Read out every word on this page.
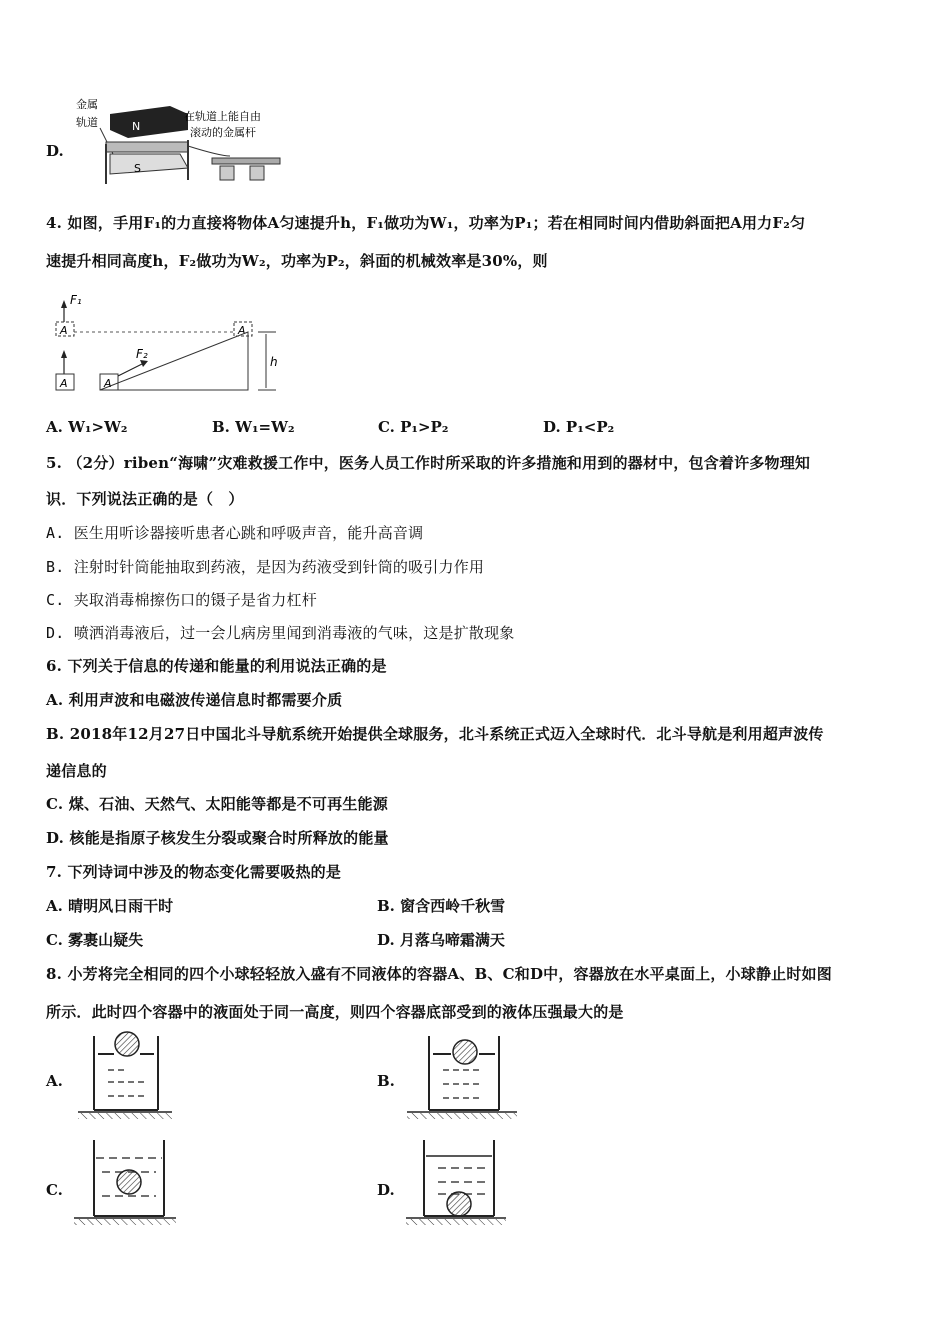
D.
金属
轨道	N
S
在轨道上能自由
滚动的金属杆
4. 如图，手用F₁的力直接将物体A匀速提升h，F₁做功为W₁，功率为P₁；若在相同时间内借助斜面把A用力F₂匀
速提升相同高度h，F₂做功为W₂，功率为P₂，斜面的机械效率是30%，则
F₁
A	A
A	A
F₂
h
A. W₁>W₂	B. W₁=W₂	C. P₁>P₂	D. P₁<P₂
5. （2分）riben“海啸”灾难救援工作中，医务人员工作时所采取的许多措施和用到的器材中，包含着许多物理知
识．下列说法正确的是（　）
A. 医生用听诊器接听患者心跳和呼吸声音，能升高音调
B. 注射时针筒能抽取到药液，是因为药液受到针筒的吸引力作用
C. 夹取消毒棉擦伤口的镊子是省力杠杆
D. 喷洒消毒液后，过一会儿病房里闻到消毒液的气味，这是扩散现象
6. 下列关于信息的传递和能量的利用说法正确的是
A. 利用声波和电磁波传递信息时都需要介质
B. 2018年12月27日中国北斗导航系统开始提供全球服务，北斗系统正式迈入全球时代．北斗导航是利用超声波传
递信息的
C. 煤、石油、天然气、太阳能等都是不可再生能源
D. 核能是指原子核发生分裂或聚合时所释放的能量
7. 下列诗词中涉及的物态变化需要吸热的是
A. 晴明风日雨干时	B. 窗含西岭千秋雪
C. 雾裹山疑失	D. 月落乌啼霜满天
8. 小芳将完全相同的四个小球轻轻放入盛有不同液体的容器A、B、C和D中，容器放在水平桌面上，小球静止时如图
所示．此时四个容器中的液面处于同一高度，则四个容器底部受到的液体压强最大的是
A.	B.
C.	D.
